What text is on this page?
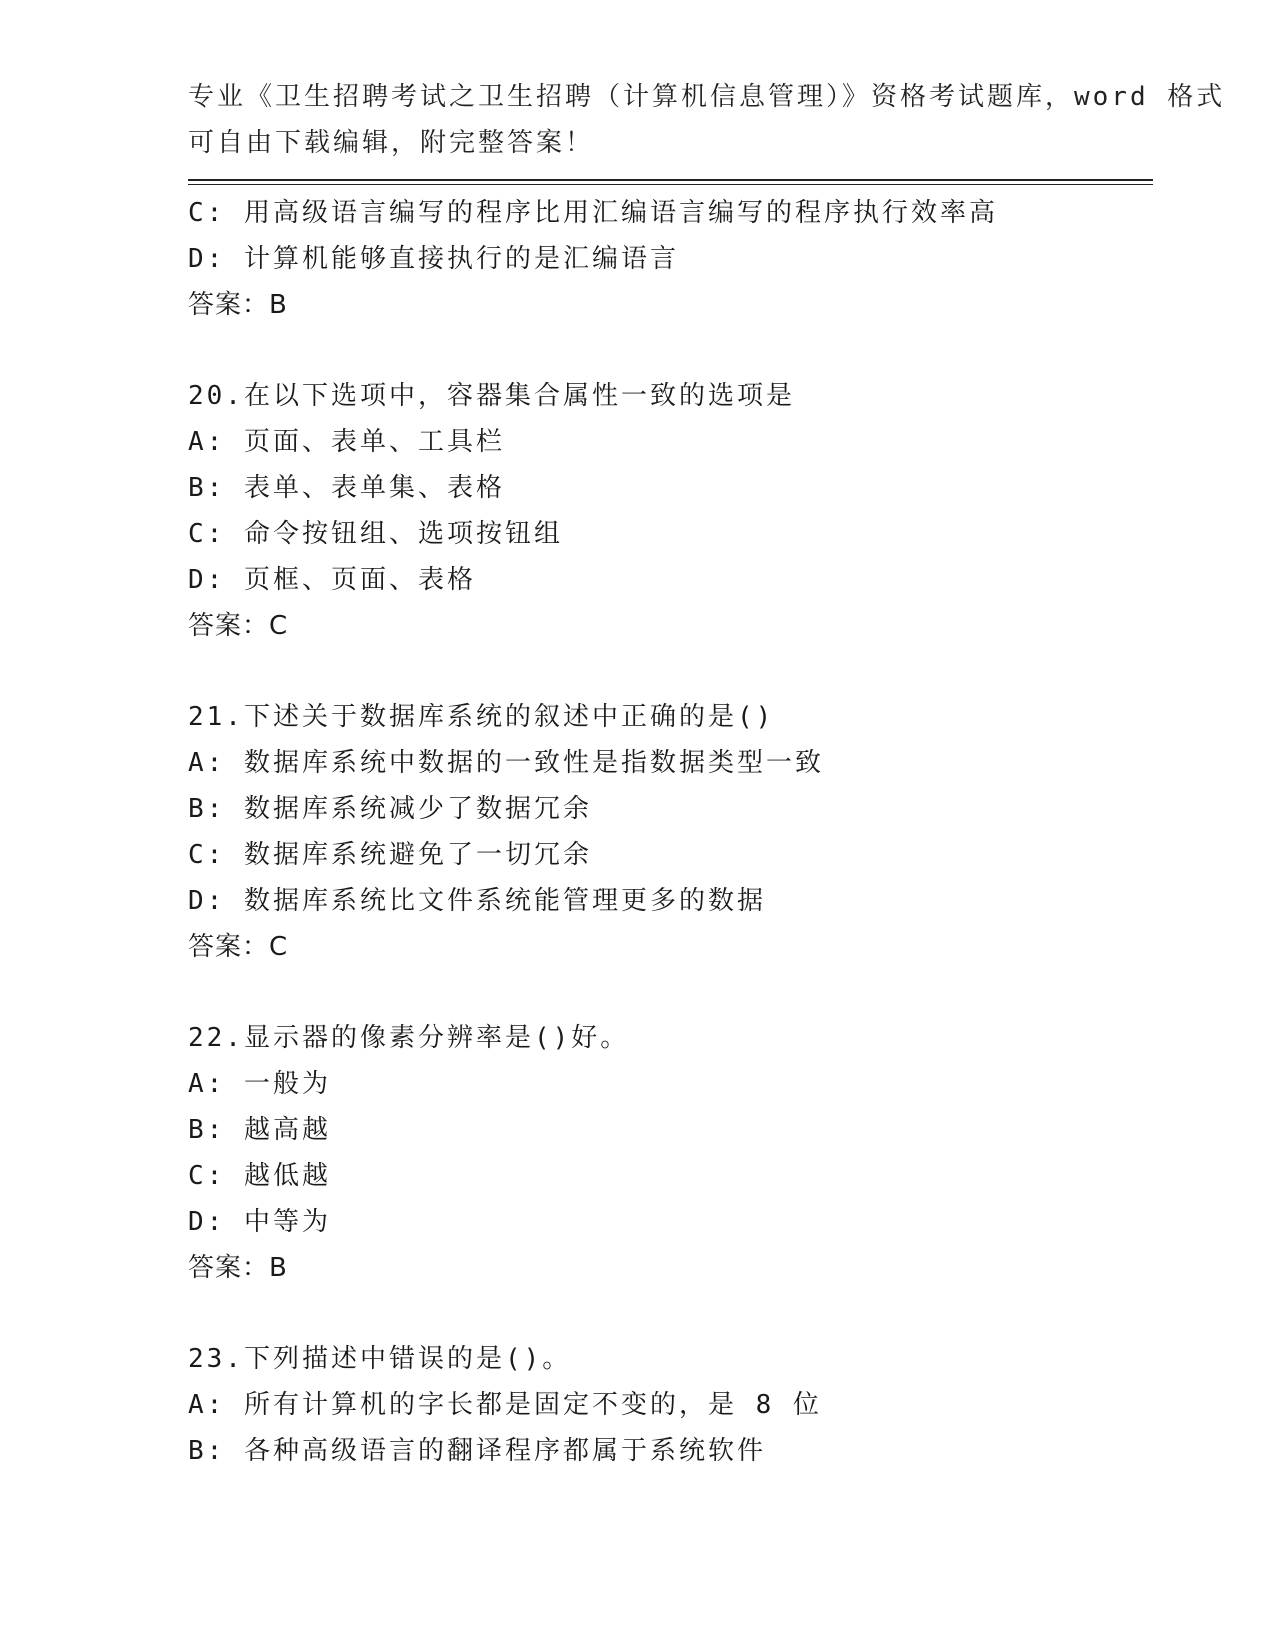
专业《卫生招聘考试之卫生招聘（计算机信息管理）》资格考试题库，word 格式
可自由下载编辑，附完整答案！
C: 用高级语言编写的程序比用汇编语言编写的程序执行效率高
D: 计算机能够直接执行的是汇编语言
答案：B
20.在以下选项中，容器集合属性一致的选项是
A: 页面、表单、工具栏
B: 表单、表单集、表格
C: 命令按钮组、选项按钮组
D: 页框、页面、表格
答案：C
21.下述关于数据库系统的叙述中正确的是()
A: 数据库系统中数据的一致性是指数据类型一致
B: 数据库系统减少了数据冗余
C: 数据库系统避免了一切冗余
D: 数据库系统比文件系统能管理更多的数据
答案：C
22.显示器的像素分辨率是()好。
A: 一般为
B: 越高越
C: 越低越
D: 中等为
答案：B
23.下列描述中错误的是()。
A: 所有计算机的字长都是固定不变的，是 8 位
B: 各种高级语言的翻译程序都属于系统软件
